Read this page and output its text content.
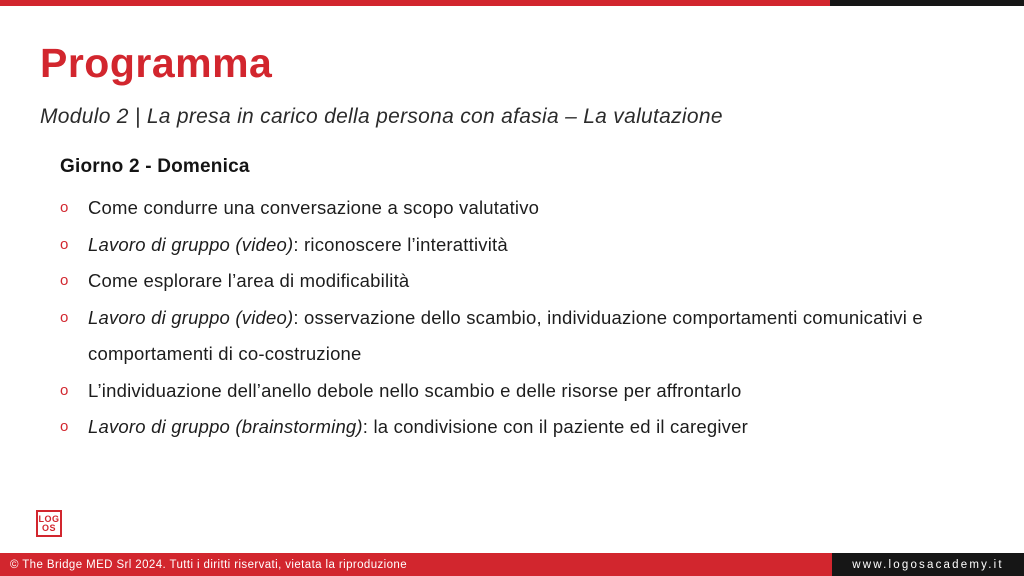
Programma
Modulo 2 | La presa in carico della persona con afasia – La valutazione
Giorno 2 - Domenica
o Come condurre una conversazione a scopo valutativo
o Lavoro di gruppo (video): riconoscere l’interattività
o Come esplorare l’area di modificabilità
o Lavoro di gruppo (video): osservazione dello scambio, individuazione comportamenti comunicativi e comportamenti di co-costruzione
o L’individuazione dell’anello debole nello scambio e delle risorse per affrontarlo
o Lavoro di gruppo (brainstorming): la condivisione con il paziente ed il caregiver
LOG
OS
© The Bridge MED Srl 2024. Tutti i diritti riservati, vietata la riproduzione	www.logosacademy.it
